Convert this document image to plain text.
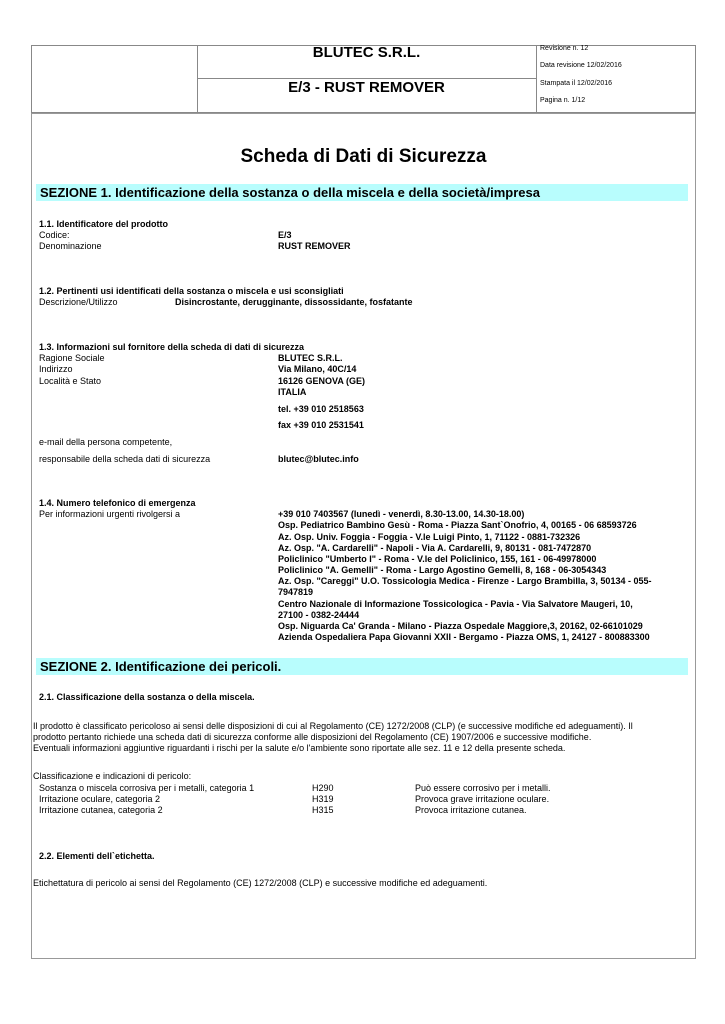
BLUTEC S.R.L.
E/3 - RUST REMOVER
Revisione n. 12
Data revisione 12/02/2016
Stampata il 12/02/2016
Pagina n. 1/12
Scheda di Dati di Sicurezza
SEZIONE 1. Identificazione della sostanza o della miscela e della società/impresa
1.1. Identificatore del prodotto
Codice:	E/3
Denominazione	RUST REMOVER
1.2. Pertinenti usi identificati della sostanza o miscela e usi sconsigliati
Descrizione/Utilizzo	Disincrostante, derugginante, dissossidante, fosfatante
1.3. Informazioni sul fornitore della scheda di dati di sicurezza
Ragione Sociale	BLUTEC S.R.L.
Indirizzo	Via Milano, 40C/14
Località e Stato	16126 GENOVA (GE)
ITALIA
tel. +39 010 2518563
fax +39 010 2531541
e-mail della persona competente,
responsabile della scheda dati di sicurezza	blutec@blutec.info
1.4. Numero telefonico di emergenza
Per informazioni urgenti rivolgersi a	+39 010 7403567 (lunedì - venerdì, 8.30-13.00, 14.30-18.00)
Osp. Pediatrico Bambino Gesù - Roma - Piazza Sant`Onofrio, 4, 00165 - 06 68593726
Az. Osp. Univ. Foggia - Foggia - V.le Luigi Pinto, 1, 71122 - 0881-732326
Az. Osp. "A. Cardarelli" - Napoli - Via A. Cardarelli, 9, 80131 - 081-7472870
Policlinico "Umberto I" - Roma - V.le del Policlinico, 155, 161 - 06-49978000
Policlinico "A. Gemelli" - Roma - Largo Agostino Gemelli, 8, 168 - 06-3054343
Az. Osp. "Careggi" U.O. Tossicologia Medica - Firenze - Largo Brambilla, 3, 50134 - 055-
7947819
Centro Nazionale di Informazione Tossicologica - Pavia - Via Salvatore Maugeri, 10,
27100 - 0382-24444
Osp. Niguarda Ca' Granda - Milano - Piazza Ospedale Maggiore,3, 20162, 02-66101029
Azienda Ospedaliera Papa Giovanni XXII - Bergamo - Piazza OMS, 1, 24127 - 800883300
SEZIONE 2. Identificazione dei pericoli.
2.1. Classificazione della sostanza o della miscela.
Il prodotto è classificato pericoloso ai sensi delle disposizioni di cui al Regolamento (CE) 1272/2008 (CLP) (e successive modifiche ed adeguamenti). Il
prodotto pertanto richiede una scheda dati di sicurezza conforme alle disposizioni del Regolamento (CE) 1907/2006 e successive modifiche.
Eventuali informazioni aggiuntive riguardanti i rischi per la salute e/o l'ambiente sono riportate alle sez. 11 e 12 della presente scheda.
Classificazione e indicazioni di pericolo:
Sostanza o miscela corrosiva per i metalli, categoria 1	H290	Può essere corrosivo per i metalli.
Irritazione oculare, categoria 2	H319	Provoca grave irritazione oculare.
Irritazione cutanea, categoria 2	H315	Provoca irritazione cutanea.
2.2. Elementi dell`etichetta.
Etichettatura di pericolo ai sensi del Regolamento (CE) 1272/2008 (CLP) e successive modifiche ed adeguamenti.
